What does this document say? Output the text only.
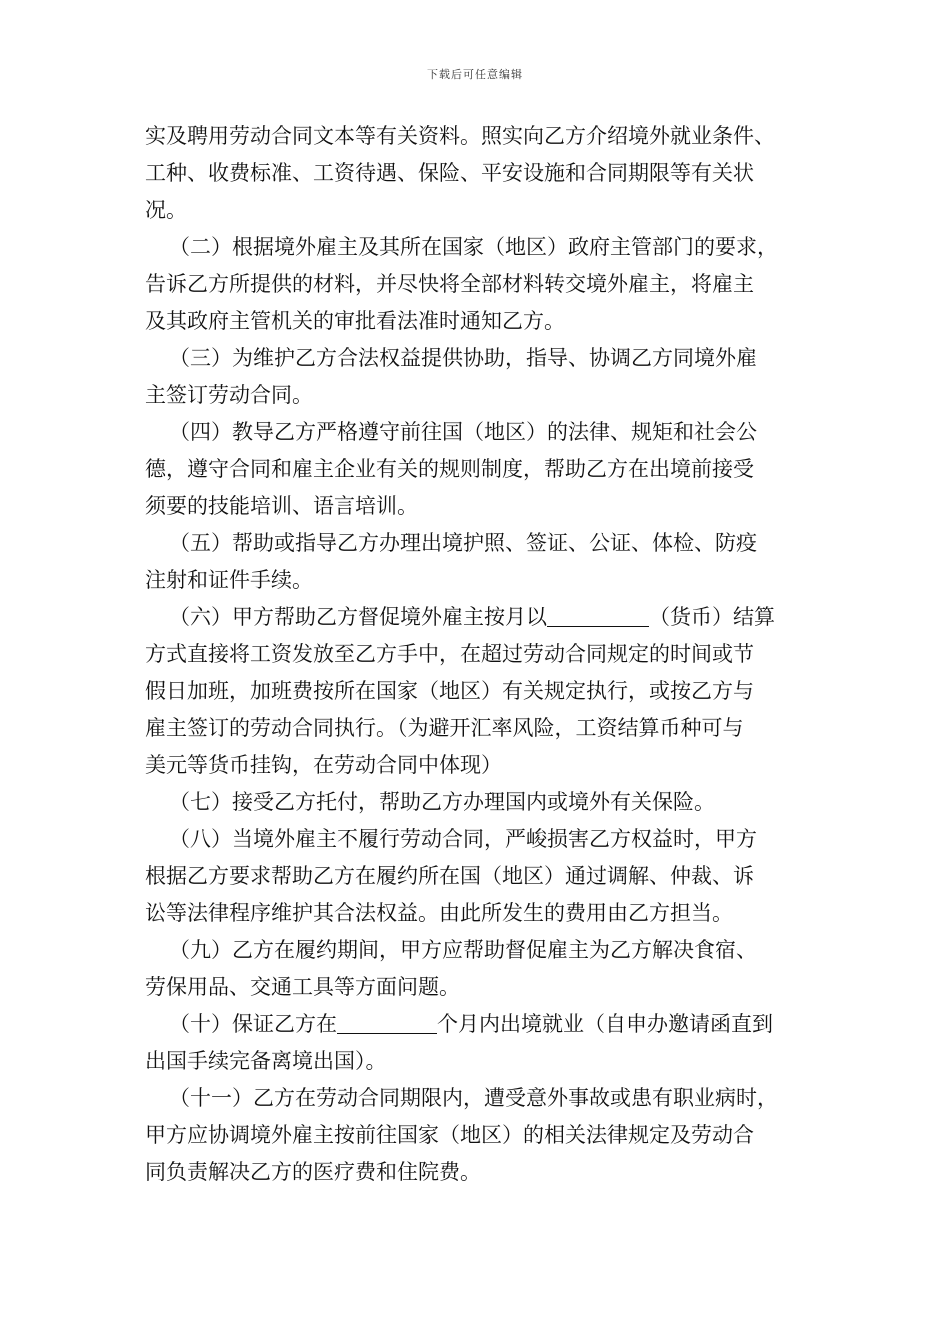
下载后可任意编辑
实及聘用劳动合同文本等有关资料。照实向乙方介绍境外就业条件、
工种、收费标准、工资待遇、保险、平安设施和合同期限等有关状
况。
（二）根据境外雇主及其所在国家（地区）政府主管部门的要求，
告诉乙方所提供的材料，并尽快将全部材料转交境外雇主，将雇主
及其政府主管机关的审批看法准时通知乙方。
（三）为维护乙方合法权益提供协助，指导、协调乙方同境外雇
主签订劳动合同。
（四）教导乙方严格遵守前往国（地区）的法律、规矩和社会公
德，遵守合同和雇主企业有关的规则制度，帮助乙方在出境前接受
须要的技能培训、语言培训。
（五）帮助或指导乙方办理出境护照、签证、公证、体检、防疫
注射和证件手续。
（六）甲方帮助乙方督促境外雇主按月以	（货币）结算
方式直接将工资发放至乙方手中，在超过劳动合同规定的时间或节
假日加班，加班费按所在国家（地区）有关规定执行，或按乙方与
雇主签订的劳动合同执行。（为避开汇率风险，工资结算币种可与
美元等货币挂钩，在劳动合同中体现）
（七）接受乙方托付，帮助乙方办理国内或境外有关保险。
（八）当境外雇主不履行劳动合同，严峻损害乙方权益时，甲方
根据乙方要求帮助乙方在履约所在国（地区）通过调解、仲裁、诉
讼等法律程序维护其合法权益。由此所发生的费用由乙方担当。
（九）乙方在履约期间，甲方应帮助督促雇主为乙方解决食宿、
劳保用品、交通工具等方面问题。
（十）保证乙方在	个月内出境就业（自申办邀请函直到
出国手续完备离境出国）。
（十一）乙方在劳动合同期限内，遭受意外事故或患有职业病时，
甲方应协调境外雇主按前往国家（地区）的相关法律规定及劳动合
同负责解决乙方的医疗费和住院费。
